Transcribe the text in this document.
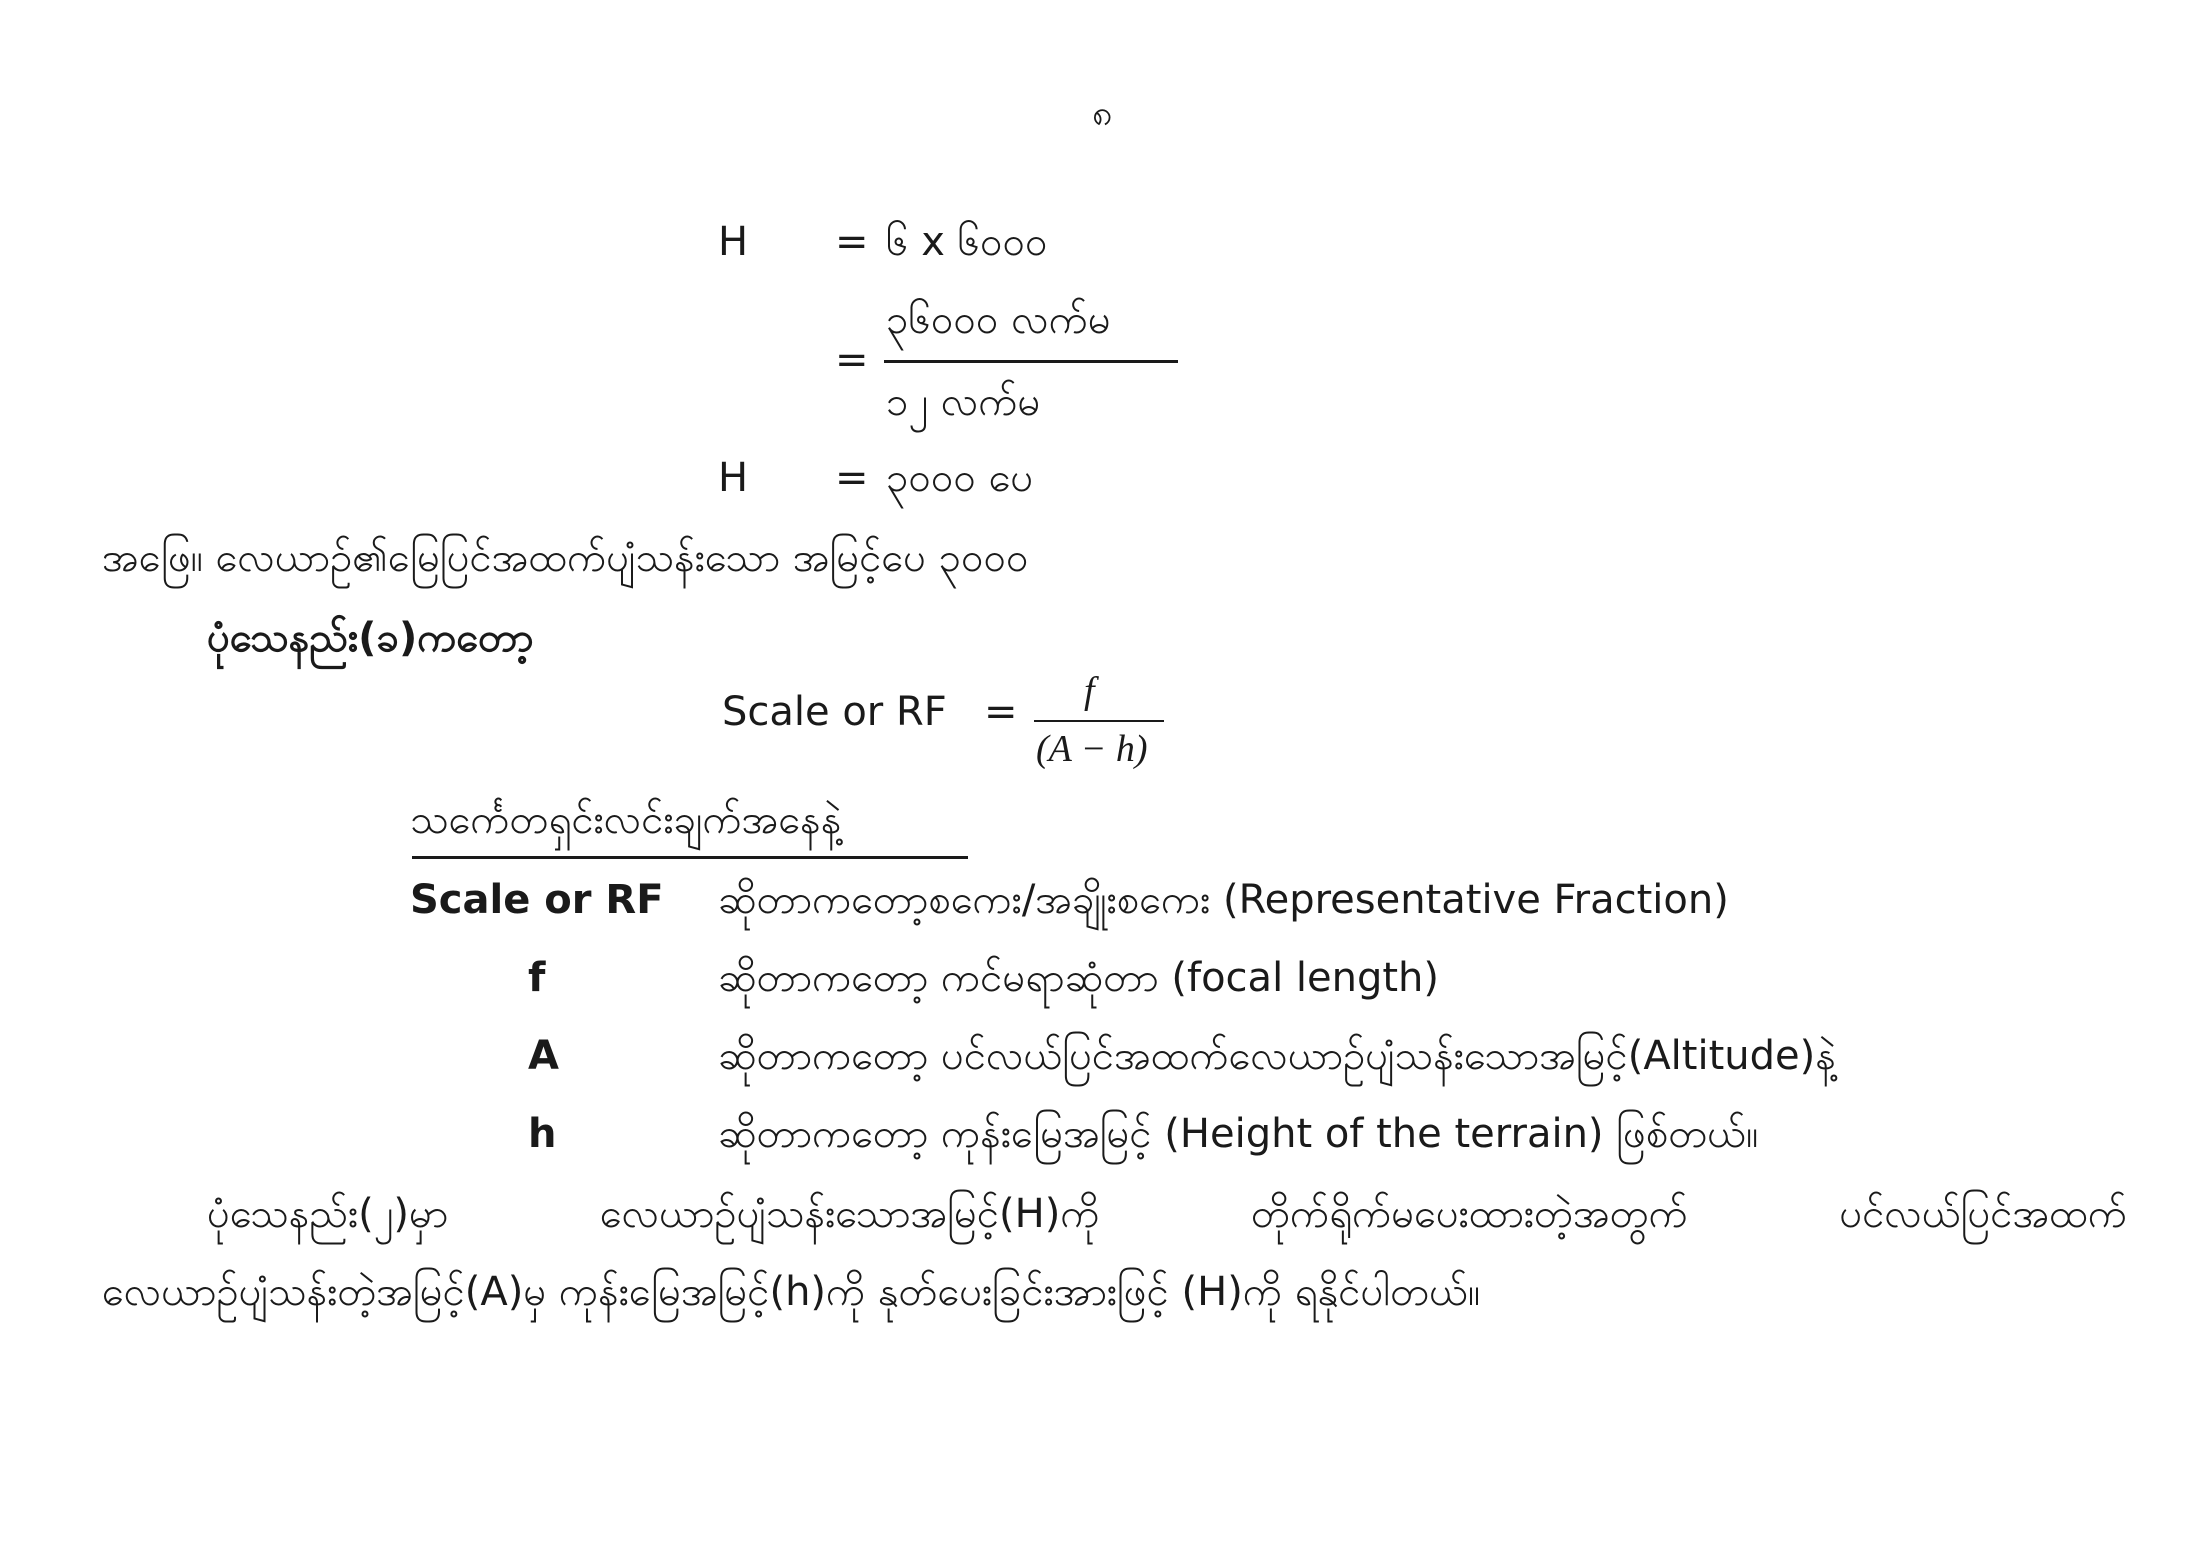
၈
H = ၆ x ၆၀၀၀
=
၃၆၀၀၀ လက်မ
၁၂ လက်မ
H = ၃၀၀၀ ပေ
အဖြေ။ လေယာဉ်၏မြေပြင်အထက်ပျံသန်းသော အမြင့်ပေ ၃၀၀၀
ပုံသေနည်း(ခ)ကတော့
Scale or RF = f
(A − h)
သင်္ကေတရှင်းလင်းချက်အနေနဲ့
Scale or RF ဆိုတာကတော့စကေး/အချိုးစကေး (Representative Fraction)
f	ဆိုတာကတော့ ကင်မရာဆုံတာ (focal length)
A	ဆိုတာကတော့ ပင်လယ်ပြင်အထက်လေယာဉ်ပျံသန်းသောအမြင့်(Altitude)နဲ့
h	ဆိုတာကတော့ ကုန်းမြေအမြင့် (Height of the terrain) ဖြစ်တယ်။
ပုံသေနည်း(၂)မှာ	လေယာဉ်ပျံသန်းသောအမြင့်(H)ကို	တိုက်ရိုက်မပေးထားတဲ့အတွက်	ပင်လယ်ပြင်အထက်
လေယာဉ်ပျံသန်းတဲ့အမြင့်(A)မှ ကုန်းမြေအမြင့်(h)ကို နုတ်ပေးခြင်းအားဖြင့် (H)ကို ရနိုင်ပါတယ်။
